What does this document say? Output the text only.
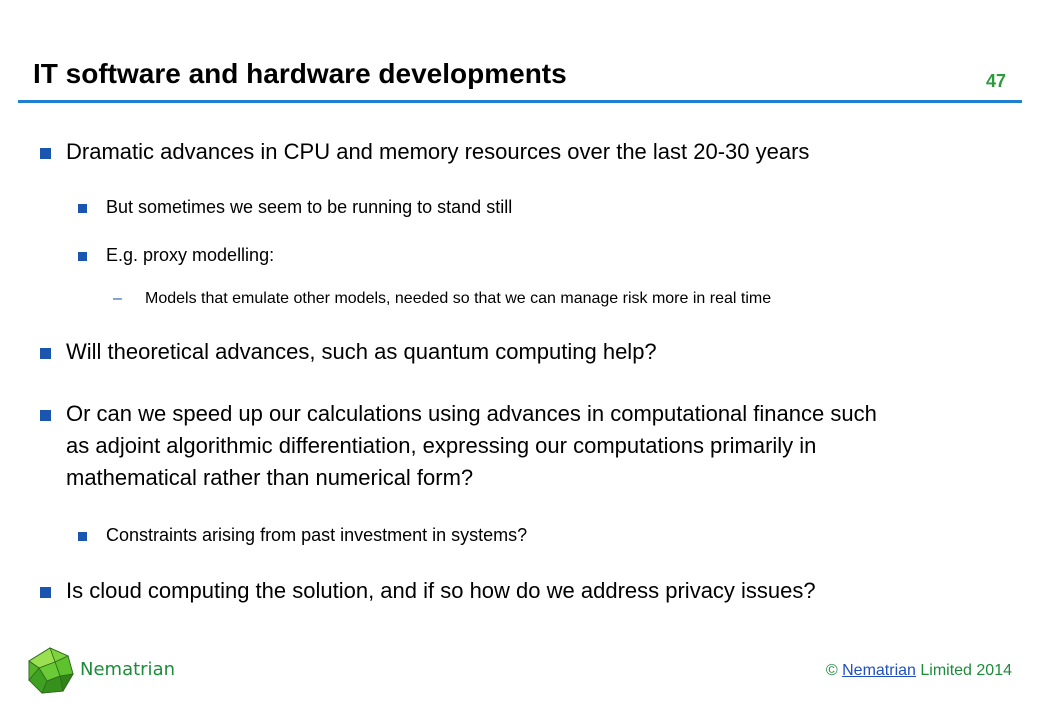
IT software and hardware developments	47
Dramatic advances in CPU and memory resources over the last 20-30 years
But sometimes we seem to be running to stand still
E.g. proxy modelling:
– Models that emulate other models, needed so that we can manage risk more in real time
Will theoretical advances, such as quantum computing help?
Or can we speed up our calculations using advances in computational finance such as adjoint algorithmic differentiation, expressing our computations primarily in mathematical rather than numerical form?
Constraints arising from past investment in systems?
Is cloud computing the solution, and if so how do we address privacy issues?
Nematrian	© Nematrian Limited 2014
